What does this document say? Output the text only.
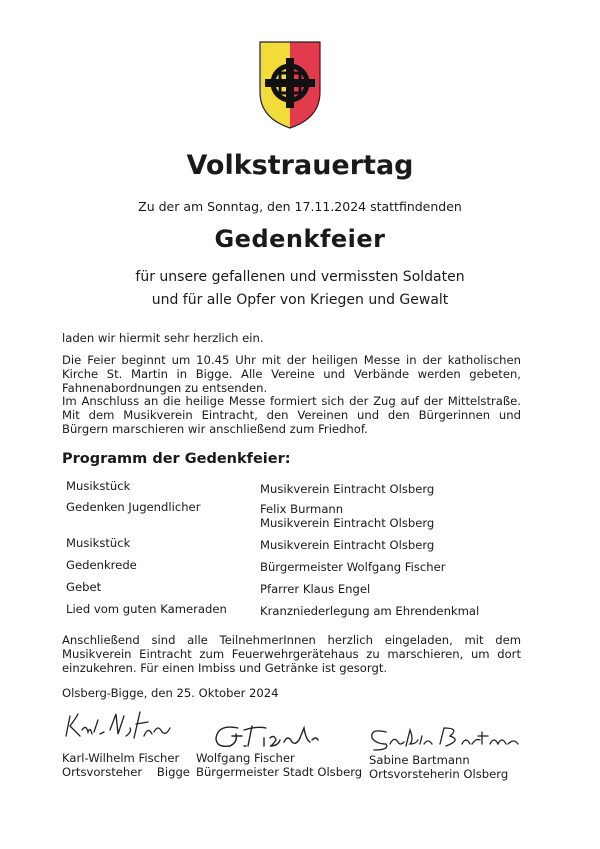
Volkstrauertag
Zu der am Sonntag, den 17.11.2024 stattfindenden
Gedenkfeier
für unsere gefallenen und vermissten Soldaten
und für alle Opfer von Kriegen und Gewalt
laden wir hiermit sehr herzlich ein.
Die Feier beginnt um 10.45 Uhr mit der heiligen Messe in der katholischen Kirche St. Martin in Bigge. Alle Vereine und Verbände werden gebeten, Fahnenabordnungen zu entsenden.
Im Anschluss an die heilige Messe formiert sich der Zug auf der Mittelstraße. Mit dem Musikverein Eintracht, den Vereinen und den Bürgerinnen und Bürgern marschieren wir anschließend zum Friedhof.
Programm der Gedenkfeier:
Musikstück	Musikverein Eintracht Olsberg
Gedenken Jugendlicher	Felix Burmann
Musikverein Eintracht Olsberg
Musikstück	Musikverein Eintracht Olsberg
Gedenkrede	Bürgermeister Wolfgang Fischer
Gebet	Pfarrer Klaus Engel
Lied vom guten Kameraden	Kranzniederlegung am Ehrendenkmal
Anschließend sind alle TeilnehmerInnen herzlich eingeladen, mit dem Musikverein Eintracht zum Feuerwehrgerätehaus zu marschieren, um dort einzukehren. Für einen Imbiss und Getränke ist gesorgt.
Olsberg-Bigge, den 25. Oktober 2024
Karl-Wilhelm Fischer
Ortsvorsteher    Bigge
Wolfgang Fischer
Bürgermeister Stadt Olsberg
Sabine Bartmann
Ortsvorsteherin Olsberg
